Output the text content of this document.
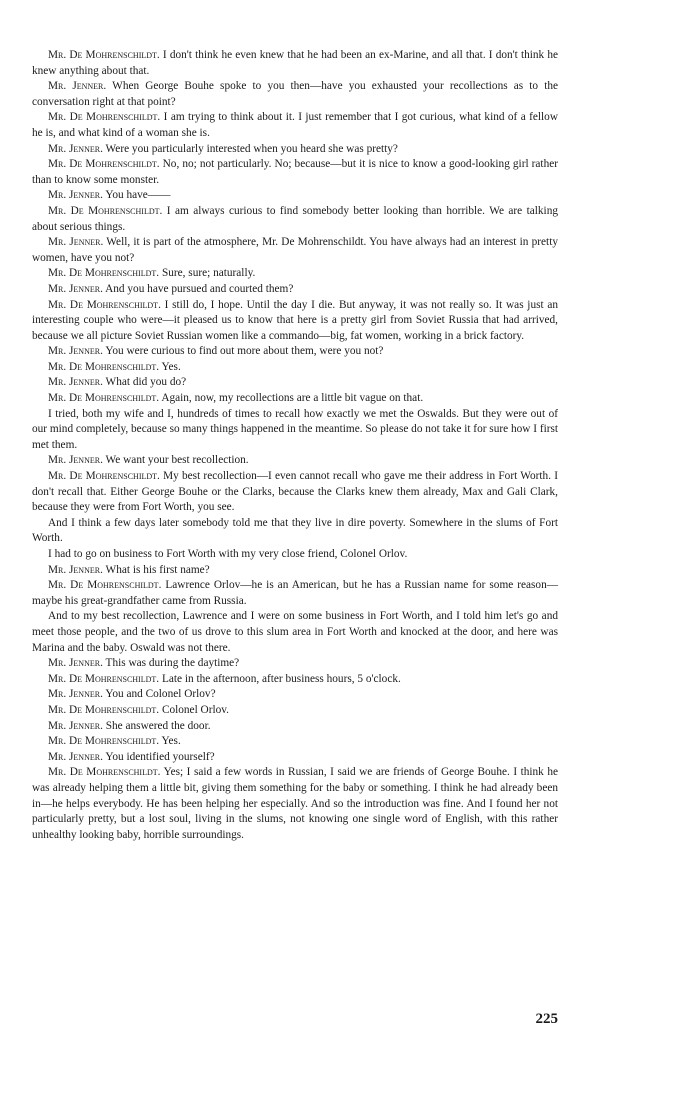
Mr. De Mohrenschildt. I don't think he even knew that he had been an ex-Marine, and all that. I don't think he knew anything about that.

Mr. Jenner. When George Bouhe spoke to you then—have you exhausted your recollections as to the conversation right at that point?

Mr. De Mohrenschildt. I am trying to think about it. I just remember that I got curious, what kind of a fellow he is, and what kind of a woman she is.

Mr. Jenner. Were you particularly interested when you heard she was pretty?

Mr. De Mohrenschildt. No, no; not particularly. No; because—but it is nice to know a good-looking girl rather than to know some monster.

Mr. Jenner. You have——

Mr. De Mohrenschildt. I am always curious to find somebody better looking than horrible. We are talking about serious things.

Mr. Jenner. Well, it is part of the atmosphere, Mr. De Mohrenschildt. You have always had an interest in pretty women, have you not?

Mr. De Mohrenschildt. Sure, sure; naturally.

Mr. Jenner. And you have pursued and courted them?

Mr. De Mohrenschildt. I still do, I hope. Until the day I die. But anyway, it was not really so. It was just an interesting couple who were—it pleased us to know that here is a pretty girl from Soviet Russia that had arrived, because we all picture Soviet Russian women like a commando—big, fat women, working in a brick factory.

Mr. Jenner. You were curious to find out more about them, were you not?

Mr. De Mohrenschildt. Yes.

Mr. Jenner. What did you do?

Mr. De Mohrenschildt. Again, now, my recollections are a little bit vague on that.

I tried, both my wife and I, hundreds of times to recall how exactly we met the Oswalds. But they were out of our mind completely, because so many things happened in the meantime. So please do not take it for sure how I first met them.

Mr. Jenner. We want your best recollection.

Mr. De Mohrenschildt. My best recollection—I even cannot recall who gave me their address in Fort Worth. I don't recall that. Either George Bouhe or the Clarks, because the Clarks knew them already, Max and Gali Clark, because they were from Fort Worth, you see.

And I think a few days later somebody told me that they live in dire poverty. Somewhere in the slums of Fort Worth.

I had to go on business to Fort Worth with my very close friend, Colonel Orlov.

Mr. Jenner. What is his first name?

Mr. De Mohrenschildt. Lawrence Orlov—he is an American, but he has a Russian name for some reason—maybe his great-grandfather came from Russia.

And to my best recollection, Lawrence and I were on some business in Fort Worth, and I told him let's go and meet those people, and the two of us drove to this slum area in Fort Worth and knocked at the door, and here was Marina and the baby. Oswald was not there.

Mr. Jenner. This was during the daytime?

Mr. De Mohrenschildt. Late in the afternoon, after business hours, 5 o'clock.

Mr. Jenner. You and Colonel Orlov?

Mr. De Mohrenschildt. Colonel Orlov.

Mr. Jenner. She answered the door.

Mr. De Mohrenschildt. Yes.

Mr. Jenner. You identified yourself?

Mr. De Mohrenschildt. Yes; I said a few words in Russian, I said we are friends of George Bouhe. I think he was already helping them a little bit, giving them something for the baby or something. I think he had already been in—he helps everybody. He has been helping her especially. And so the introduction was fine. And I found her not particularly pretty, but a lost soul, living in the slums, not knowing one single word of English, with this rather unhealthy looking baby, horrible surroundings.

225
